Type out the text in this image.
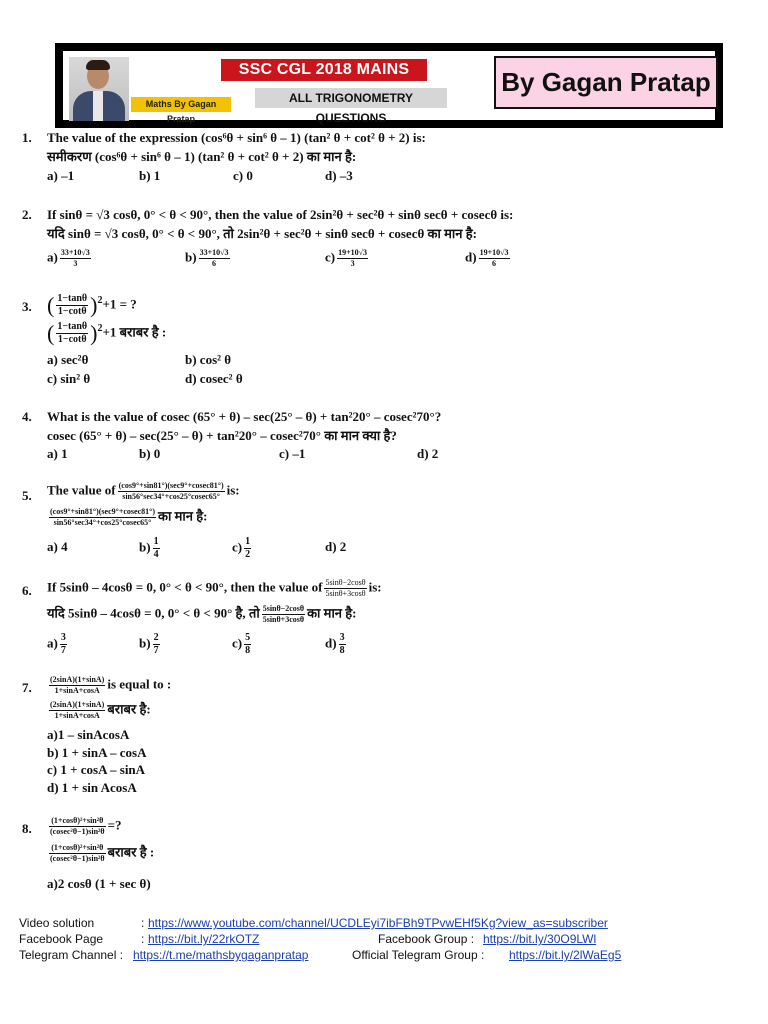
Maths By Gagan Pratap
SSC CGL 2018 MAINS
ALL TRIGONOMETRY QUESTIONS
By Gagan Pratap
1. The value of the expression (cos⁶θ + sin⁶ θ – 1) (tan² θ + cot² θ + 2) is:
समीकरण (cos⁶θ + sin⁶ θ – 1) (tan² θ + cot² θ + 2) का मान है:
a) –1	b) 1	c) 0	d) –3
2. If sinθ = √3 cosθ, 0° < θ < 90°, then the value of 2sin²θ + sec²θ + sinθ secθ + cosecθ is:
यदि sinθ = √3 cosθ, 0° < θ < 90°, तो 2sin²θ + sec²θ + sinθ secθ + cosecθ का मान है:
$a) \frac{33+10√3}{3}$	$b) \frac{33+10√3}{6}$	$c) \frac{19+10√3}{3}$	$d) \frac{19+10√3}{6}$
3. ( $\frac{1-\tan\theta}{1-\cot\theta} )^2+1$ = ?
( $\frac{1-\tan\theta}{1-\cot\theta} )^2+1$ बराबर है :
a) sec²θ	b) cos² θ
c) sin² θ	d) cosec² θ
4. What is the value of cosec (65° + θ) – sec(25° – θ) + tan²20° – cosec²70°?
cosec (65° + θ) – sec(25° – θ) + tan²20° – cosec²70° का मान क्या है?
a) 1	b) 0	c) –1	d) 2
5. The value of $\frac{(\cos 9^\circ+\sin 81^\circ)(\sec 9^\circ+cosec81^\circ)}{\sin 56^\circ\sec 34^\circ+\cos 25^\circ cosec65^\circ}$ is:
$\frac{(\cos 9^\circ+\sin 81^\circ)(\sec 9^\circ+cosec81^\circ)}{\sin 56^\circ\sec 34^\circ+\cos 25^\circ cosec65^\circ}$ का मान है:
a) 4	$b) \frac{1}{4}$	$c) \frac{1}{2}$	d) 2
6. If 5sinθ – 4cosθ = 0, 0° < θ < 90°, then the value of $\frac{5\sin\theta-2\cos\theta}{5\sin\theta+3\cos\theta}$ is:
यदि 5sinθ – 4cosθ = 0, 0° < θ < 90° है, तो $\frac{5\sin\theta-2\cos\theta}{5\sin\theta+3\cos\theta}$ का मान है:
$a) \frac{3}{7}$	$b) \frac{2}{7}$	$c) \frac{5}{8}$	$d) \frac{3}{8}$
7. $\frac{(2\sin A)(1+\sin A)}{1+\sin A+\cos A}$ is equal to :
$\frac{(2\sin A)(1+\sin A)}{1+\sin A+\cos A}$ बराबर है:
a)1 – sinAcosA
b) 1 + sinA – cosA
c) 1 + cosA – sinA
d) 1 + sin AcosA
8. $\frac{\text{(1+cosθ)²+sin²θ}}{\text{(cosec²θ−1)sin²θ}}$ =?
$\frac{\text{(1+cosθ)²+sin²θ}}{\text{(cosec²θ−1)sin²θ}}$ बराबर है :
a)2 cosθ (1 + sec θ)
Video solution	: https://www.youtube.com/channel/UCDLEyi7ibFBh9TPvwEHf5Kg?view_as=subscriber
Facebook Page	: https://bit.ly/22rkOTZ	Facebook Group : https://bit.ly/30O9LWl
Telegram Channel : https://t.me/mathsbygaganpratap	Official Telegram Group : https://bit.ly/2lWaEg5
